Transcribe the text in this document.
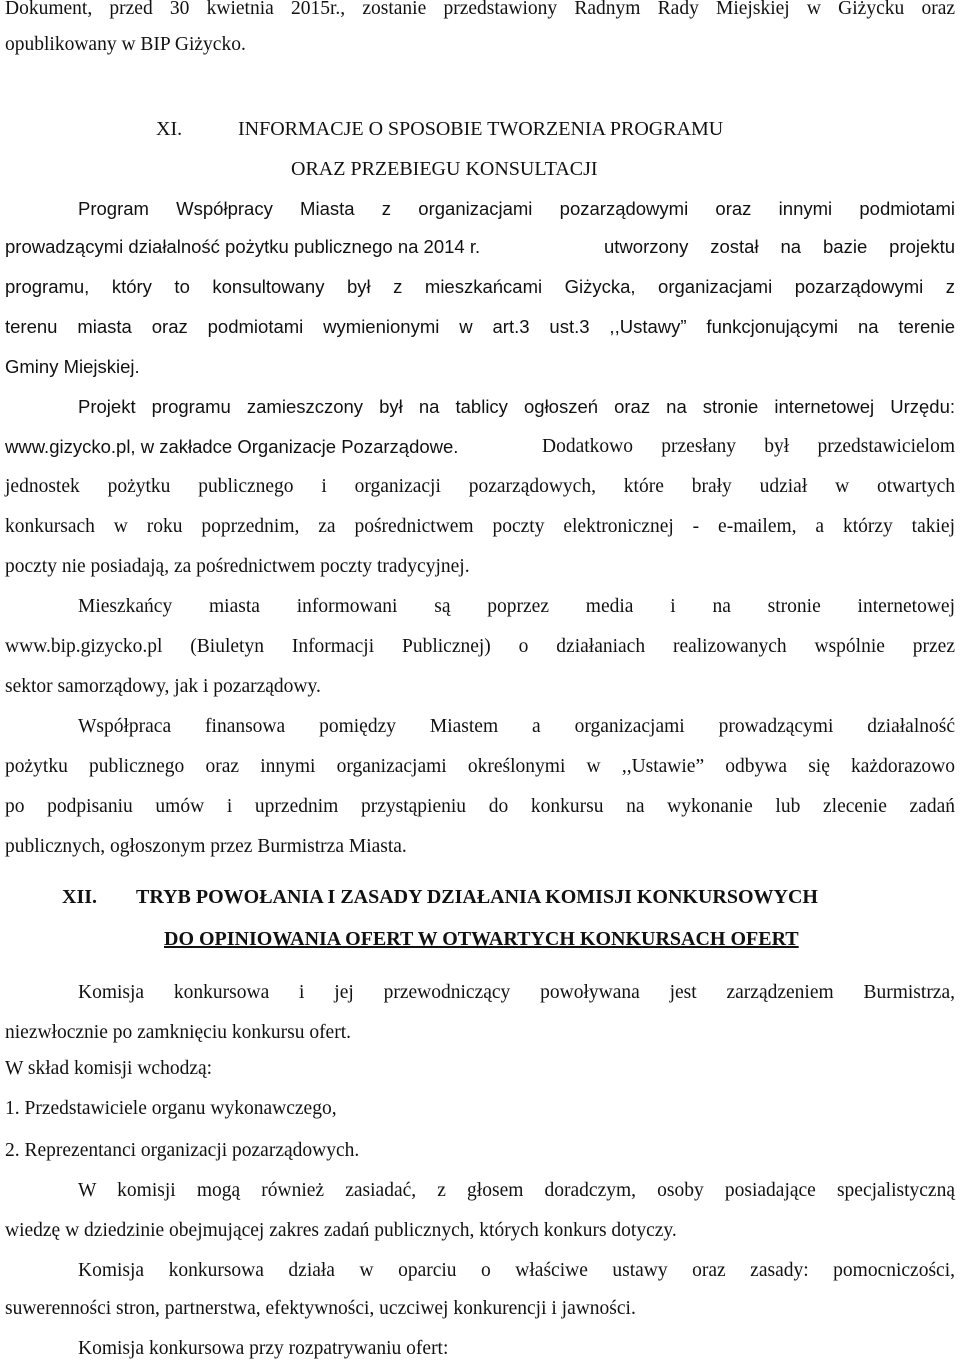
Dokument, przed 30 kwietnia 2015r., zostanie przedstawiony Radnym Rady Miejskiej w Giżycku oraz
opublikowany w BIP Giżycko.
XI.	INFORMACJE O SPOSOBIE TWORZENIA PROGRAMU
ORAZ PRZEBIEGU KONSULTACJI
Program Współpracy Miasta z organizacjami pozarządowymi oraz innymi podmiotami
prowadzącymi działalność pożytku publicznego na 2014 r.	utworzony został na bazie projektu
programu, który to konsultowany był z mieszkańcami Giżycka, organizacjami pozarządowymi z
terenu miasta oraz podmiotami wymienionymi w art.3 ust.3 ,,Ustawy” funkcjonującymi na terenie
Gminy Miejskiej.
Projekt programu zamieszczony był na tablicy ogłoszeń oraz na stronie internetowej Urzędu:
www.gizycko.pl, w zakładce Organizacje Pozarządowe.	Dodatkowo przesłany był przedstawicielom
jednostek pożytku publicznego i organizacji pozarządowych, które brały udział w otwartych
konkursach w roku poprzednim, za pośrednictwem poczty elektronicznej - e-mailem, a którzy takiej
poczty nie posiadają, za pośrednictwem poczty tradycyjnej.
Mieszkańcy miasta informowani są poprzez media i na stronie internetowej
www.bip.gizycko.pl (Biuletyn Informacji Publicznej) o działaniach realizowanych wspólnie przez
sektor samorządowy, jak i pozarządowy.
Współpraca finansowa pomiędzy Miastem a organizacjami prowadzącymi działalność
pożytku publicznego oraz innymi organizacjami określonymi w ,,Ustawie” odbywa się każdorazowo
po podpisaniu umów i uprzednim przystąpieniu do konkursu na wykonanie lub zlecenie zadań
publicznych, ogłoszonym przez Burmistrza Miasta.
XII. TRYB POWOŁANIA I ZASADY DZIAŁANIA KOMISJI KONKURSOWYCH
DO OPINIOWANIA OFERT W OTWARTYCH KONKURSACH OFERT
Komisja konkursowa i jej przewodniczący powoływana jest zarządzeniem Burmistrza,
niezwłocznie po zamknięciu konkursu ofert.
W skład komisji wchodzą:
1. Przedstawiciele organu wykonawczego,
2. Reprezentanci organizacji pozarządowych.
W komisji mogą również zasiadać, z głosem doradczym, osoby posiadające specjalistyczną
wiedzę w dziedzinie obejmującej zakres zadań publicznych, których konkurs dotyczy.
Komisja konkursowa działa w oparciu o właściwe ustawy oraz zasady: pomocniczości,
suwerenności stron, partnerstwa, efektywności, uczciwej konkurencji i jawności.
Komisja konkursowa przy rozpatrywaniu ofert:
